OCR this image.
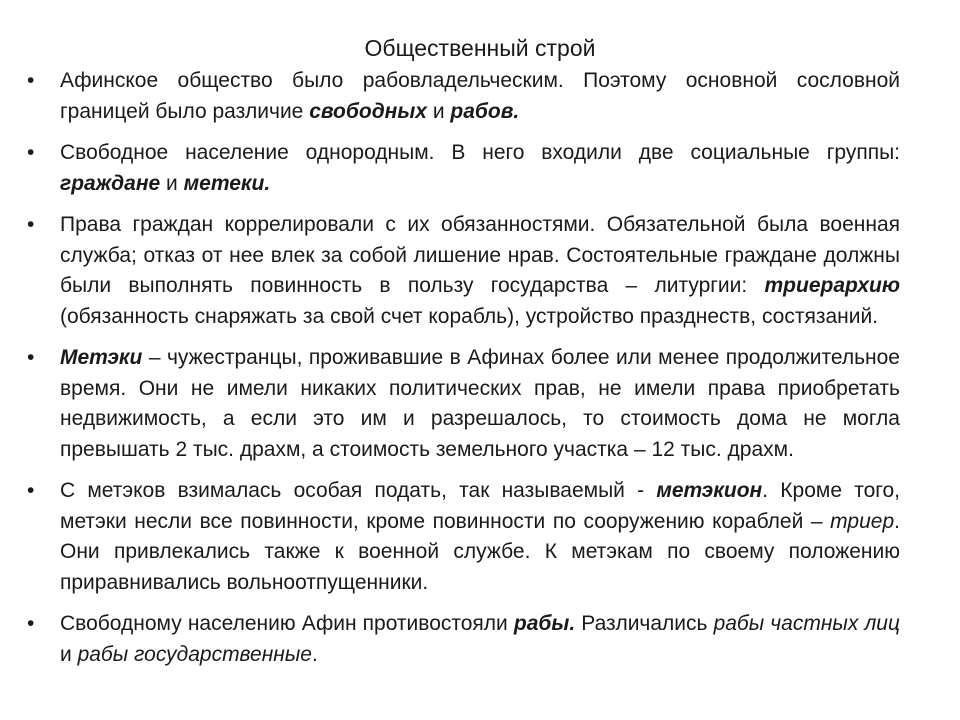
Общественный строй
• Афинское общество было рабовладельческим. Поэтому основной сословной границей было различие свободных и рабов.
• Свободное население однородным. В него входили две социальные группы: граждане и метеки.
• Права граждан коррелировали с их обязанностями. Обязательной была военная служба; отказ от нее влек за собой лишение нрав. Состоятельные граждане должны были выполнять повинность в пользу государства – литургии: триерархию (обязанность снаряжать за свой счет корабль), устройство празднеств, состязаний.
• Метэки – чужестранцы, проживавшие в Афинах более или менее продолжительное время. Они не имели никаких политических прав, не имели права приобретать недвижимость, а если это им и разрешалось, то стоимость дома не могла превышать 2 тыс. драхм, а стоимость земельного участка – 12 тыс. драхм.
• С метэков взималась особая подать, так называемый - метэкион. Кроме того, метэки несли все повинности, кроме повинности по сооружению кораблей – триер. Они привлекались также к военной службе. К метэкам по своему положению приравнивались вольноотпущенники.
• Свободному населению Афин противостояли рабы. Различались рабы частных лиц и рабы государственные.
